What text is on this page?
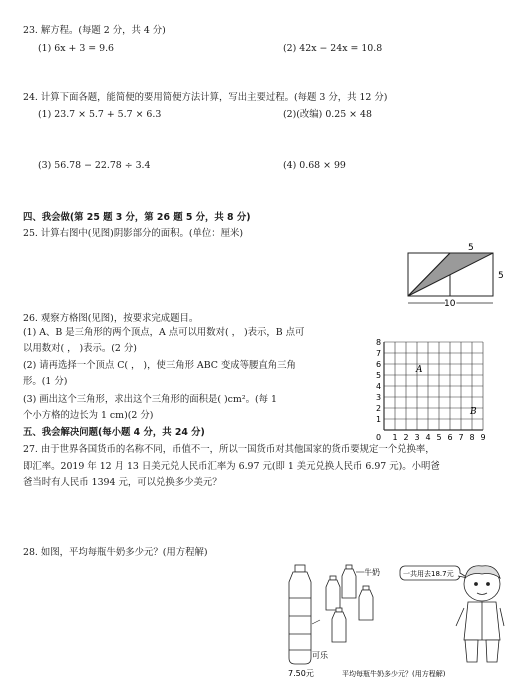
23. 解方程。(每题 2 分，共 4 分)
(1) 6x + 3 = 9.6	(2) 42x − 24x = 10.8
24. 计算下面各题，能简便的要用简便方法计算，写出主要过程。(每题 3 分，共 12 分)
(1) 23.7 × 5.7 + 5.7 × 6.3	(2)(改编) 0.25 × 48
(3) 56.78 − 22.78 ÷ 3.4	(4) 0.68 × 99
四、我会做(第 25 题 3 分，第 26 题 5 分，共 8 分)
25. 计算右图中(见图)阴影部分的面积。(单位：厘米)
5
5
10
26. 观察方格图(见图)，按要求完成题目。
(1) A、B 是三角形的两个顶点，A 点可以用数对( ， )表示，B 点可
以用数对( ， )表示。(2 分)
(2) 请再选择一个顶点 C( ， )，使三角形 ABC 变成等腰直角三角
形。(1 分)
(3) 画出这个三角形，求出这个三角形的面积是( )cm²。(每 1
个小方格的边长为 1 cm)(2 分)
8
7
6
5
4
3
2
1
0 1 2 3 4 5 6 7 8 9
A
B
五、我会解决问题(每小题 4 分，共 24 分)
27. 由于世界各国货币的名称不同，币值不一，所以一国货币对其他国家的货币要规定一个兑换率，
即汇率。2019 年 12 月 13 日美元兑人民币汇率为 6.97 元(即 1 美元兑换人民币 6.97 元)。小明爸
爸当时有人民币 1394 元，可以兑换多少美元？
28. 如图，平均每瓶牛奶多少元？(用方程解)
7.50元
可乐
牛奶	一共用去18.7元
平均每瓶牛奶多少元？(用方程解)
